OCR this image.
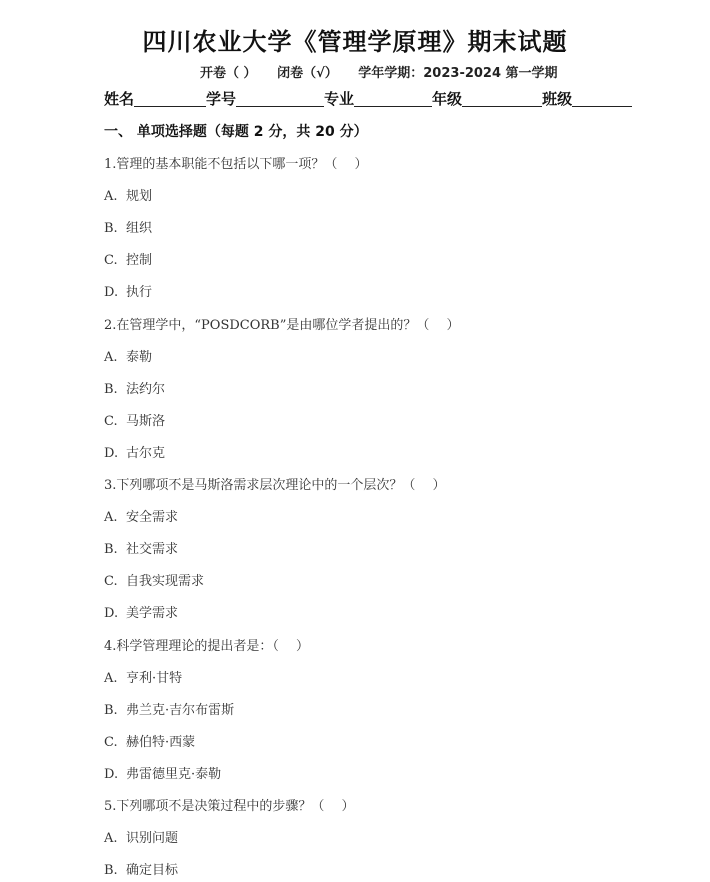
四川农业大学《管理学原理》期末试题
开卷（ ） 闭卷（√） 学年学期：2023-2024 第一学期
姓名	学号	专业	年级	班级
一、 单项选择题（每题 2 分，共 20 分）
1.管理的基本职能不包括以下哪一项？（　 ）
A. 规划
B. 组织
C. 控制
D. 执行
2.在管理学中，“POSDCORB”是由哪位学者提出的？（　 ）
A. 泰勒
B. 法约尔
C. 马斯洛
D. 古尔克
3.下列哪项不是马斯洛需求层次理论中的一个层次？（　 ）
A. 安全需求
B. 社交需求
C. 自我实现需求
D. 美学需求
4.科学管理理论的提出者是：（　 ）
A. 亨利·甘特
B. 弗兰克·吉尔布雷斯
C. 赫伯特·西蒙
D. 弗雷德里克·泰勒
5.下列哪项不是决策过程中的步骤？（　 ）
A. 识别问题
B. 确定目标
